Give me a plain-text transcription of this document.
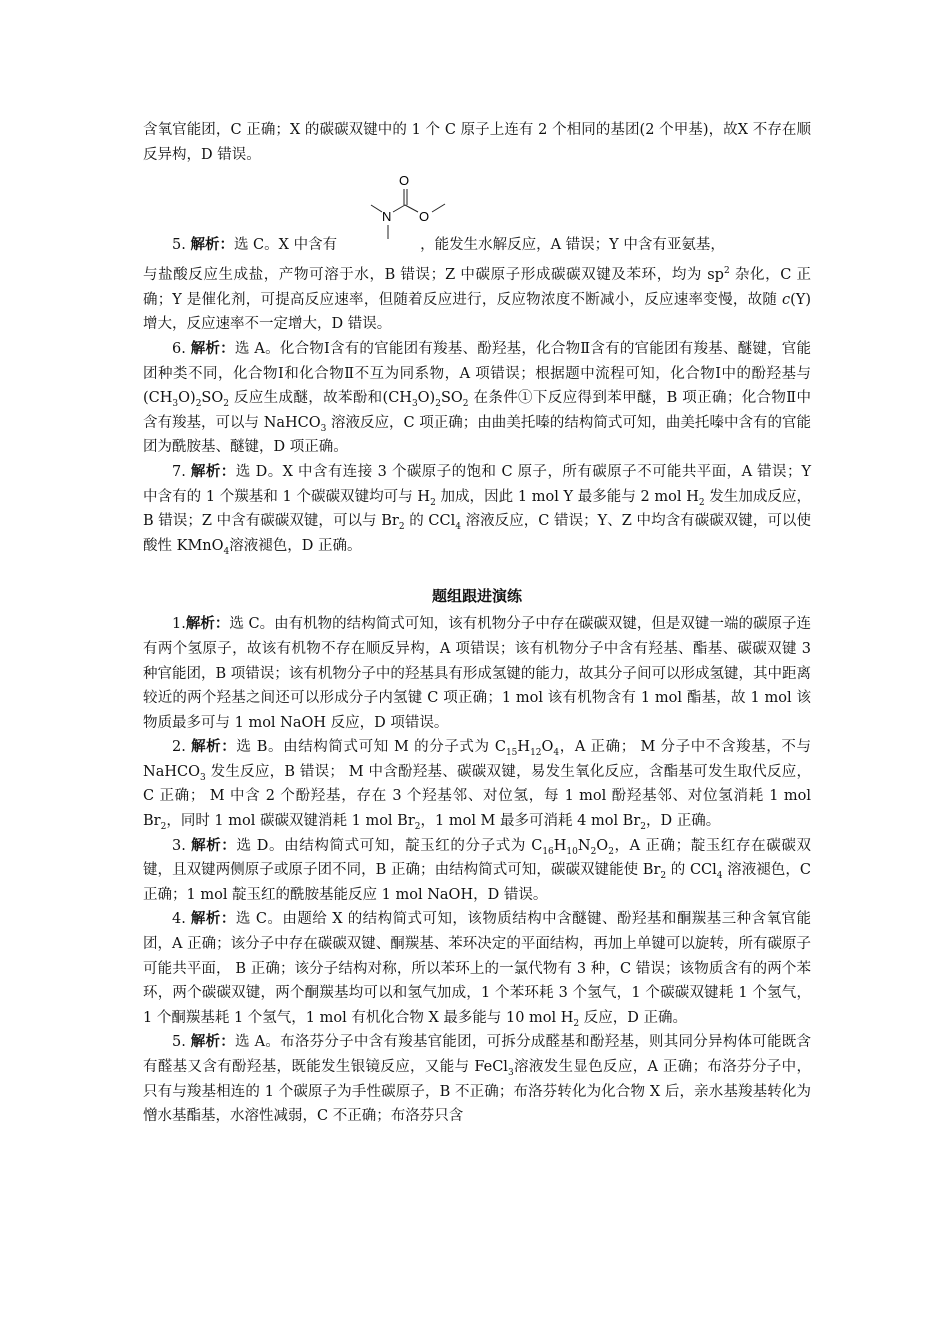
含氧官能团，C 正确；X 的碳碳双键中的 1 个 C 原子上连有 2 个相同的基团(2 个甲基)，故X 不存在顺反异构，D 错误。

O
N O

5. 解析：选 C。X 中含有	，能发生水解反应，A 错误；Y 中含有亚氨基，

与盐酸反应生成盐，产物可溶于水，B 错误；Z 中碳原子形成碳碳双键及苯环，均为 $sp^2$ 杂化，C 正确；Y 是催化剂，可提高反应速率，但随着反应进行，反应物浓度不断减小，反应速率变慢，故随 c(Y)增大，反应速率不一定增大，D 错误。

6. 解析：选 A。化合物Ⅰ含有的官能团有羧基、酚羟基，化合物Ⅱ含有的官能团有羧基、醚键，官能团种类不同，化合物Ⅰ和化合物Ⅱ不互为同系物，A 项错误；根据题中流程可知，化合物Ⅰ中的酚羟基与$(CH_3O)_2SO_2$ 反应生成醚，故苯酚和$(CH_3O)_2SO_2$ 在条件①下反应得到苯甲醚，B 项正确；化合物Ⅱ中含有羧基，可以与 NaHCO$_3$ 溶液反应，C 项正确；由曲美托嗪的结构简式可知，曲美托嗪中含有的官能团为酰胺基、醚键，D 项正确。

7. 解析：选 D。X 中含有连接 3 个碳原子的饱和 C 原子，所有碳原子不可能共平面，A 错误；Y 中含有的 1 个羰基和 1 个碳碳双键均可与 $H_2$ 加成，因此 1 mol Y 最多能与 2 mol $H_2$ 发生加成反应，B 错误；Z 中含有碳碳双键，可以与 $Br_2$ 的 CCl$_4$ 溶液反应，C 错误；Y、Z 中均含有碳碳双键，可以使酸性 KMnO$_4$溶液褪色，D 正确。

题组跟进演练

1.解析：选 C。由有机物的结构简式可知，该有机物分子中存在碳碳双键，但是双键一端的碳原子连有两个氢原子，故该有机物不存在顺反异构，A 项错误；该有机物分子中含有羟基、酯基、碳碳双键 3 种官能团，B 项错误；该有机物分子中的羟基具有形成氢键的能力，故其分子间可以形成氢键，其中距离较近的两个羟基之间还可以形成分子内氢键 C 项正确；1 mol 该有机物含有 1 mol 酯基，故 1 mol 该物质最多可与 1 mol NaOH 反应，D 项错误。

2. 解析：选 B。由结构简式可知 M 的分子式为 $C_{15}H_{12}O_4$，A 正确； M 分子中不含羧基，不与 NaHCO$_3$ 发生反应，B 错误； M 中含酚羟基、碳碳双键，易发生氧化反应，含酯基可发生取代反应，C 正确； M 中含 2 个酚羟基，存在 3 个羟基邻、对位氢，每 1 mol 酚羟基邻、对位氢消耗 1 mol $Br_2$，同时 1 mol 碳碳双键消耗 1 mol $Br_2$，1 mol M 最多可消耗 4 mol $Br_2$，D 正确。

3. 解析：选 D。由结构简式可知，靛玉红的分子式为 $C_{16}H_{10}N_2O_2$，A 正确；靛玉红存在碳碳双键，且双键两侧原子或原子团不同，B 正确；由结构简式可知，碳碳双键能使 $Br_2$ 的 CCl$_4$ 溶液褪色，C 正确；1 mol 靛玉红的酰胺基能反应 1 mol NaOH，D 错误。

4. 解析：选 C。由题给 X 的结构简式可知，该物质结构中含醚键、酚羟基和酮羰基三种含氧官能团，A 正确；该分子中存在碳碳双键、酮羰基、苯环决定的平面结构，再加上单键可以旋转，所有碳原子可能共平面， B 正确；该分子结构对称，所以苯环上的一氯代物有 3 种，C 错误；该物质含有的两个苯环，两个碳碳双键，两个酮羰基均可以和氢气加成，1 个苯环耗 3 个氢气，1 个碳碳双键耗 1 个氢气，1 个酮羰基耗 1 个氢气，1 mol 有机化合物 X 最多能与 10 mol $H_2$ 反应，D 正确。

5. 解析：选 A。布洛芬分子中含有羧基官能团，可拆分成醛基和酚羟基，则其同分异构体可能既含有醛基又含有酚羟基，既能发生银镜反应，又能与 FeCl$_3$溶液发生显色反应，A 正确；布洛芬分子中，只有与羧基相连的 1 个碳原子为手性碳原子，B 不正确；布洛芬转化为化合物 X 后，亲水基羧基转化为憎水基酯基，水溶性减弱，C 不正确；布洛芬只含
